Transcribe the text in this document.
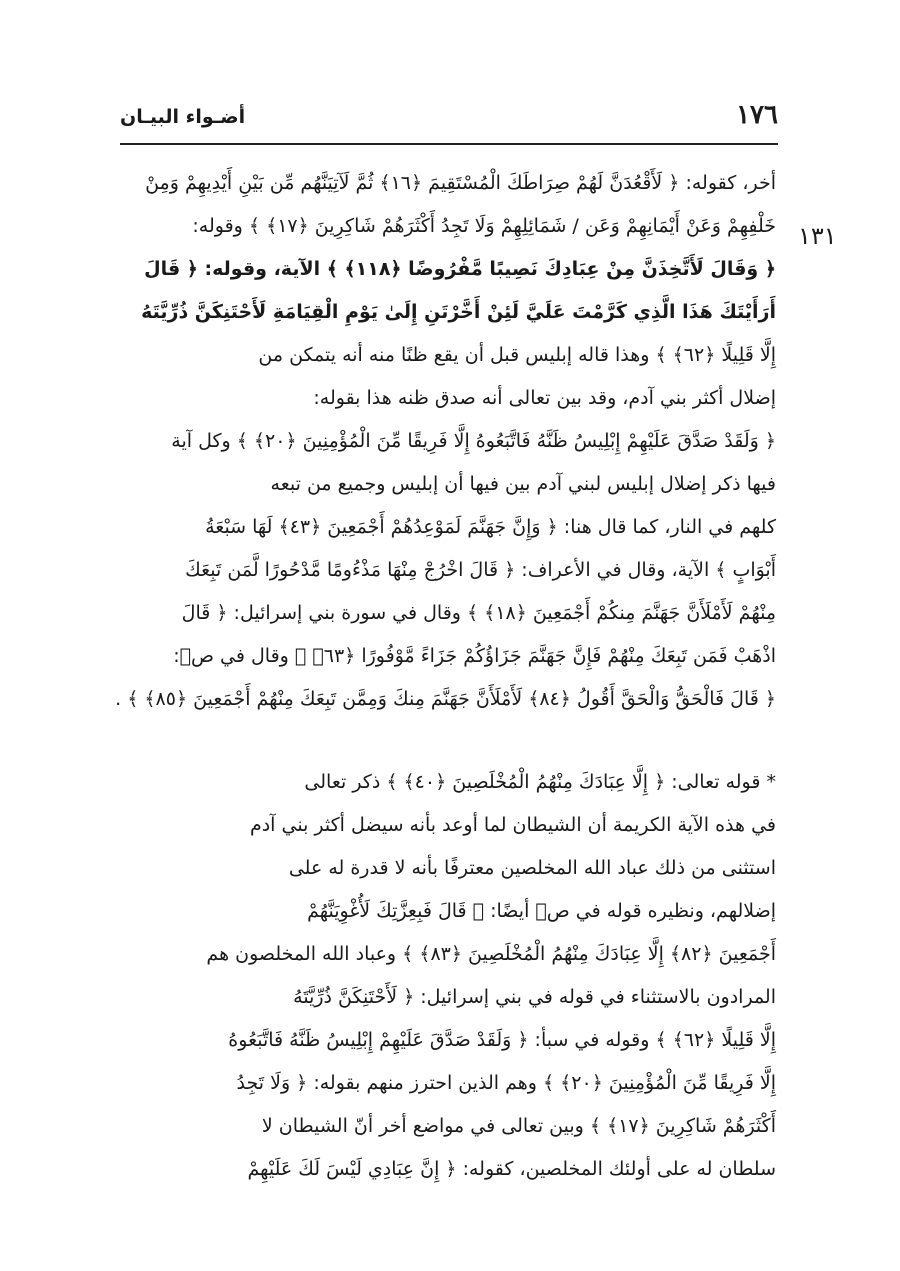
أضـواء البيـان	١٧٦
١٣١
أخر، كقوله: ﴿ لَأَقْعُدَنَّ لَهُمْ صِرَاطَكَ الْمُسْتَقِيمَ ﴿١٦﴾ ثُمَّ لَآتِيَنَّهُم مِّن بَيْنِ أَيْدِيهِمْ وَمِنْ
خَلْفِهِمْ وَعَنْ أَيْمَانِهِمْ وَعَن / شَمَائِلِهِمْ وَلَا تَجِدُ أَكْثَرَهُمْ شَاكِرِينَ ﴿١٧﴾ ﴾ وقوله:
﴿ وَقَالَ لَأَتَّخِذَنَّ مِنْ عِبَادِكَ نَصِيبًا مَّفْرُوضًا ﴿١١٨﴾ ﴾ الآية، وقوله: ﴿ قَالَ
أَرَأَيْتَكَ هَذَا الَّذِي كَرَّمْتَ عَلَيَّ لَئِنْ أَخَّرْتَنِ إِلَىٰ يَوْمِ الْقِيَامَةِ لَأَحْتَنِكَنَّ ذُرِّيَّتَهُ
إِلَّا قَلِيلًا ﴿٦٢﴾ ﴾ وهذا قاله إبليس قبل أن يقع ظنًا منه أنه يتمكن من
إضلال أكثر بني آدم، وقد بين تعالى أنه صدق ظنه هذا بقوله:
﴿ وَلَقَدْ صَدَّقَ عَلَيْهِمْ إِبْلِيسُ ظَنَّهُ فَاتَّبَعُوهُ إِلَّا فَرِيقًا مِّنَ الْمُؤْمِنِينَ ﴿٢٠﴾ ﴾ وكل آية
فيها ذكر إضلال إبليس لبني آدم بين فيها أن إبليس وجميع من تبعه
كلهم في النار، كما قال هنا: ﴿ وَإِنَّ جَهَنَّمَ لَمَوْعِدُهُمْ أَجْمَعِينَ ﴿٤٣﴾ لَهَا سَبْعَةُ
أَبْوَابٍ ﴾ الآية، وقال في الأعراف: ﴿ قَالَ اخْرُجْ مِنْهَا مَذْءُومًا مَّدْحُورًا لَّمَن تَبِعَكَ
مِنْهُمْ لَأَمْلَأَنَّ جَهَنَّمَ مِنكُمْ أَجْمَعِينَ ﴿١٨﴾ ﴾ وقال في سورة بني إسرائيل: ﴿ قَالَ
اذْهَبْ فَمَن تَبِعَكَ مِنْهُمْ فَإِنَّ جَهَنَّمَ جَزَاؤُكُمْ جَزَاءً مَّوْفُورًا ﴿٦٣﴾ ﴾ وقال في صۤ:
﴿ قَالَ فَالْحَقُّ وَالْحَقَّ أَقُولُ ﴿٨٤﴾ لَأَمْلَأَنَّ جَهَنَّمَ مِنكَ وَمِمَّن تَبِعَكَ مِنْهُمْ أَجْمَعِينَ ﴿٨٥﴾ ﴾ .
* قوله تعالى: ﴿ إِلَّا عِبَادَكَ مِنْهُمُ الْمُخْلَصِينَ ﴿٤٠﴾ ﴾ ذكر تعالى
في هذه الآية الكريمة أن الشيطان لما أوعد بأنه سيضل أكثر بني آدم
استثنى من ذلك عباد الله المخلصين معترفًا بأنه لا قدرة له على
إضلالهم، ونظيره قوله في صۤ أيضًا: ﴿ قَالَ فَبِعِزَّتِكَ لَأُغْوِيَنَّهُمْ
أَجْمَعِينَ ﴿٨٢﴾ إِلَّا عِبَادَكَ مِنْهُمُ الْمُخْلَصِينَ ﴿٨٣﴾ ﴾ وعباد الله المخلصون هم
المرادون بالاستثناء في قوله في بني إسرائيل: ﴿ لَأَحْتَنِكَنَّ ذُرِّيَّتَهُ
إِلَّا قَلِيلًا ﴿٦٢﴾ ﴾ وقوله في سبأ: ﴿ وَلَقَدْ صَدَّقَ عَلَيْهِمْ إِبْلِيسُ ظَنَّهُ فَاتَّبَعُوهُ
إِلَّا فَرِيقًا مِّنَ الْمُؤْمِنِينَ ﴿٢٠﴾ ﴾ وهم الذين احترز منهم بقوله: ﴿ وَلَا تَجِدُ
أَكْثَرَهُمْ شَاكِرِينَ ﴿١٧﴾ ﴾ وبين تعالى في مواضع أخر أنّ الشيطان لا
سلطان له على أولئك المخلصين، كقوله: ﴿ إِنَّ عِبَادِي لَيْسَ لَكَ عَلَيْهِمْ
